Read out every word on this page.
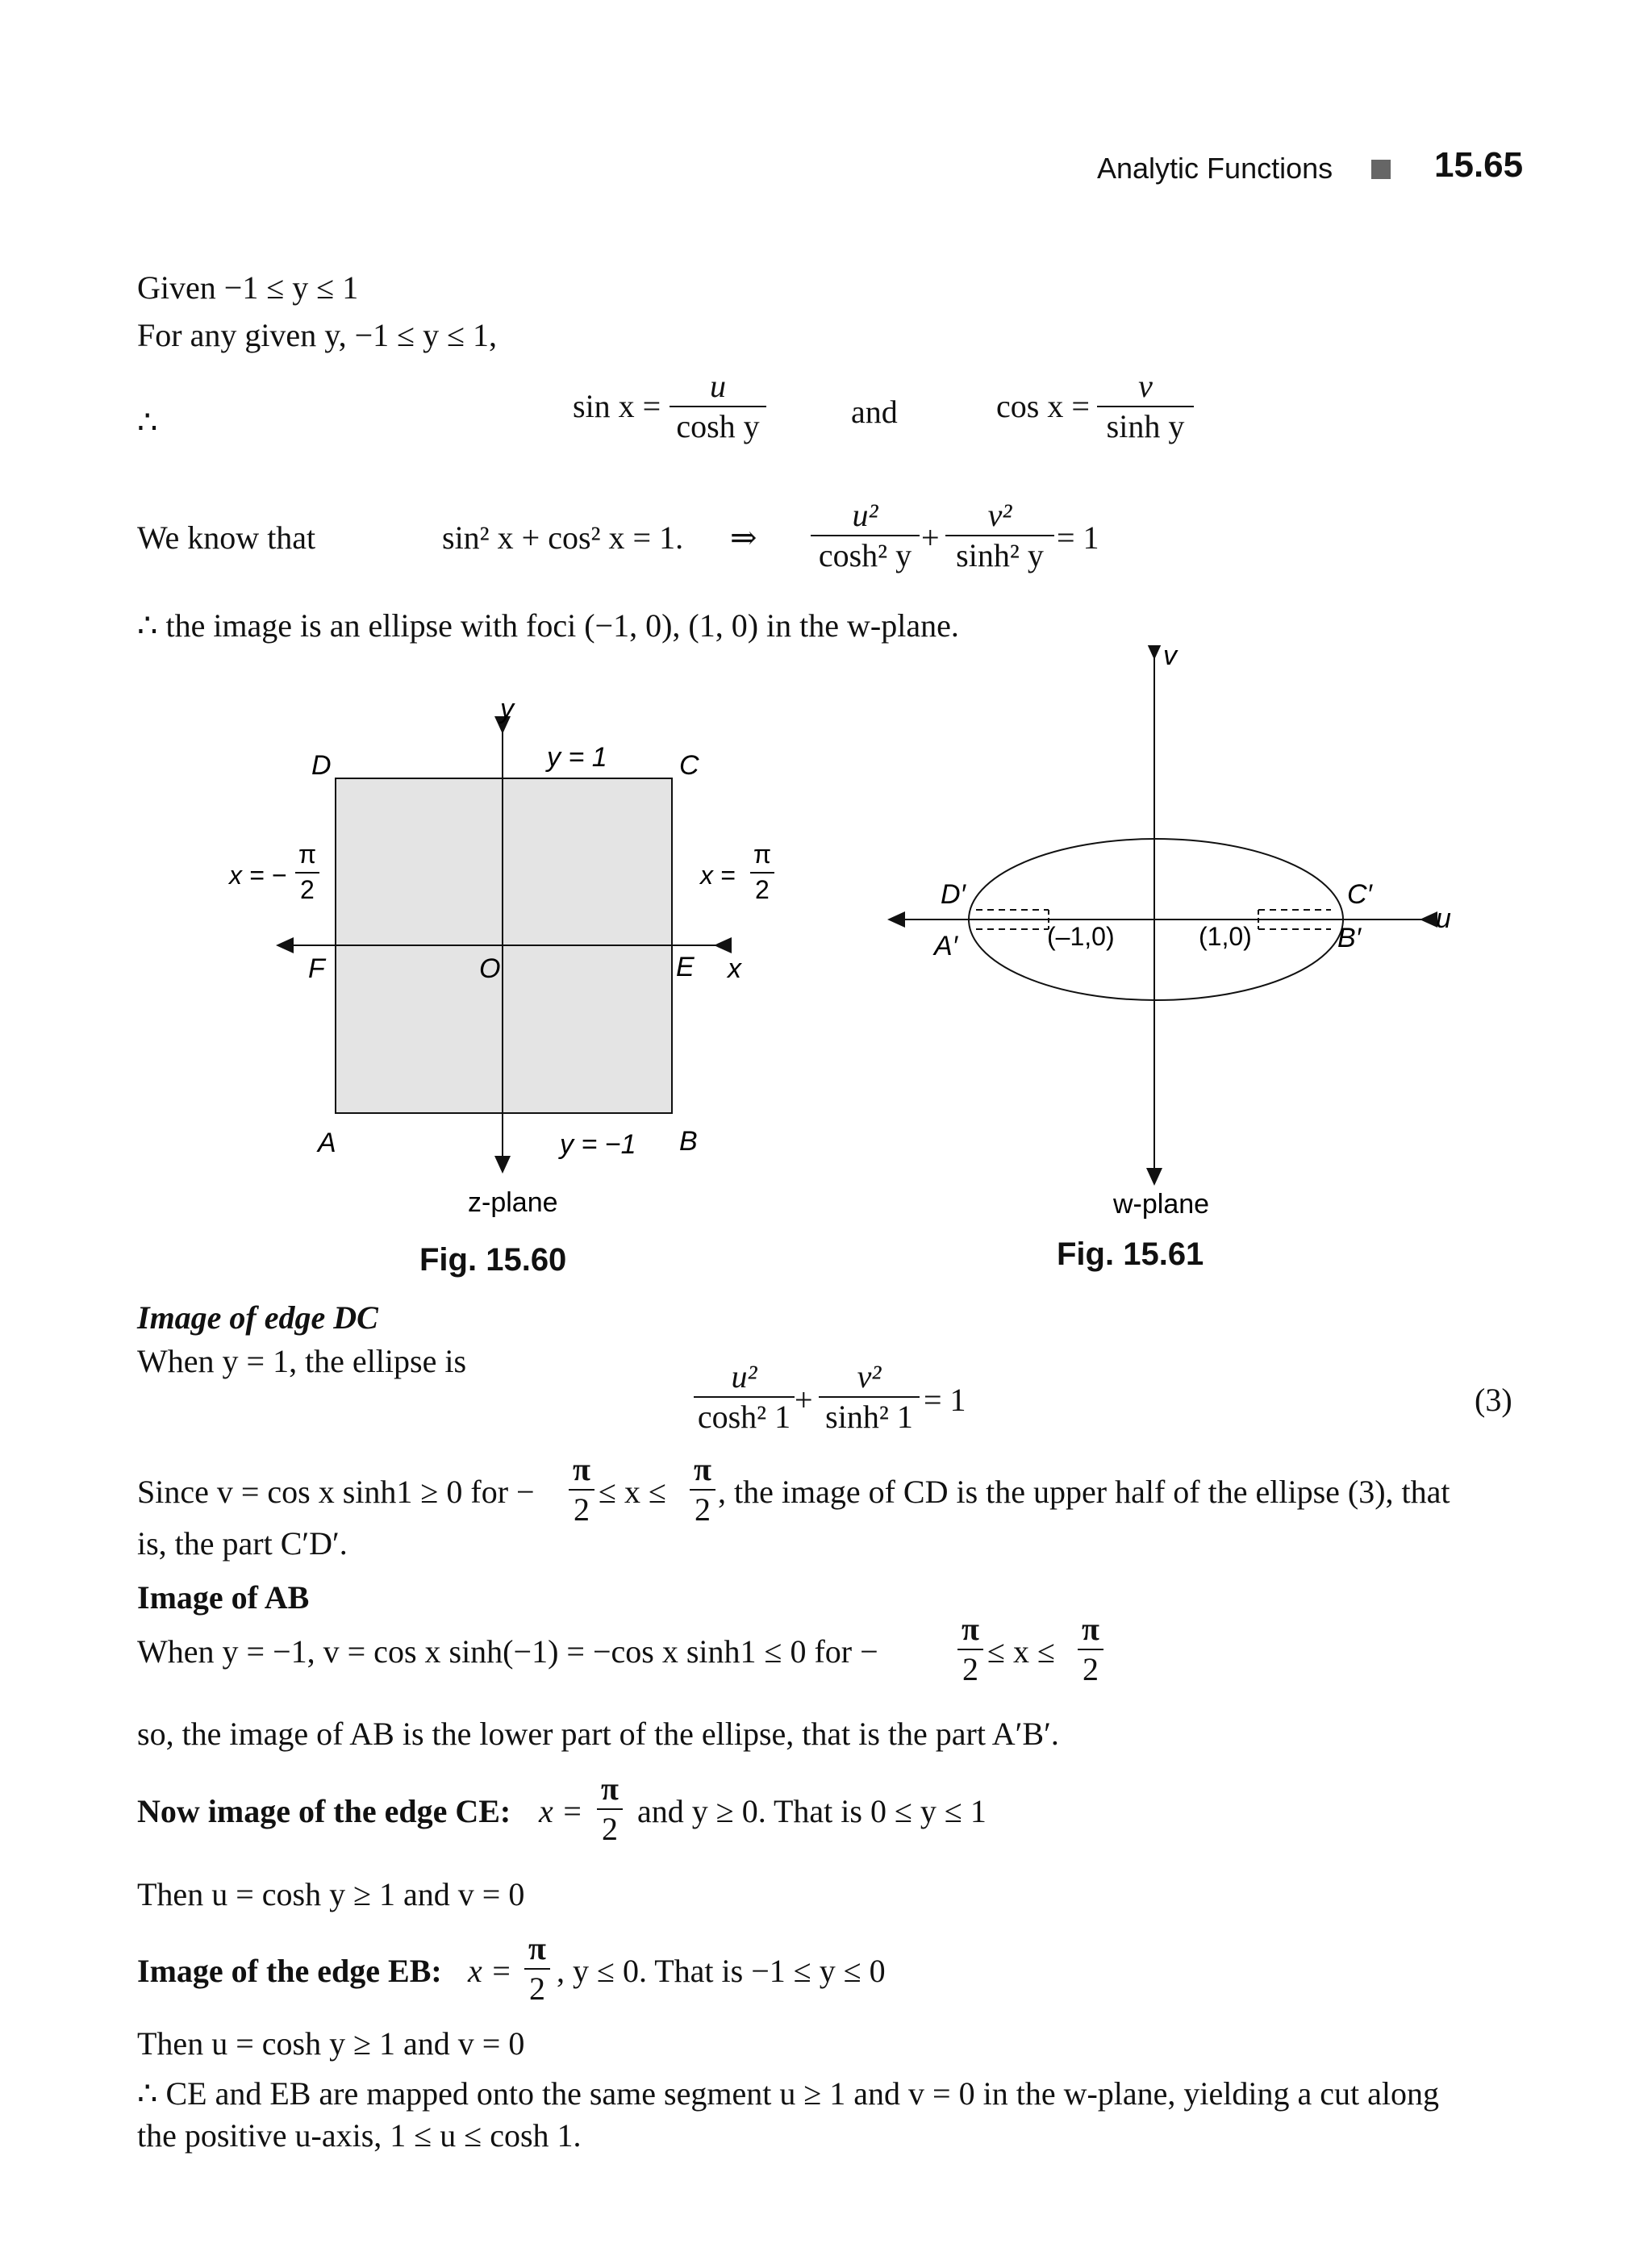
Analytic Functions	15.65
Given −1 ≤ y ≤ 1
For any given y, −1 ≤ y ≤ 1,
∴	sin x =
u
cosh y	and	cos x =
v
sinh y
We know that	sin² x + cos² x = 1. ⇒
u²
cosh² y +
v²
sinh² y = 1
∴ the image is an ellipse with foci (−1, 0), (1, 0) in the w-plane.
y
x
y = 1
y = −1
D	C
F	O	E
A	B
x = −
π
2	x =
π
2
z-plane
Fig. 15.60
v
u
D′
A′
C′
B′
(–1,0)	(1,0)
w-plane
Fig. 15.61
Image of edge DC
When y = 1, the ellipse is	u²
cosh² 1 +
v²
sinh² 1 = 1	(3)
Since v = cos x sinh1 ≥ 0 for −
π
2 ≤ x ≤
π
2 , the image of CD is the upper half of the ellipse (3), that
is, the part C′D′.
Image of AB
When y = −1, v = cos x sinh(−1) = −cos x sinh1 ≤ 0 for −
π
2 ≤ x ≤
π
2
so, the image of AB is the lower part of the ellipse, that is the part A′B′.
Now image of the edge CE: x =
π
2 and y ≥ 0. That is 0 ≤ y ≤ 1
Then u = cosh y ≥ 1 and v = 0
Image of the edge EB: x =
π
2 , y ≤ 0. That is −1 ≤ y ≤ 0
Then u = cosh y ≥ 1 and v = 0
∴ CE and EB are mapped onto the same segment u ≥ 1 and v = 0 in the w-plane, yielding a cut along
the positive u-axis, 1 ≤ u ≤ cosh 1.
